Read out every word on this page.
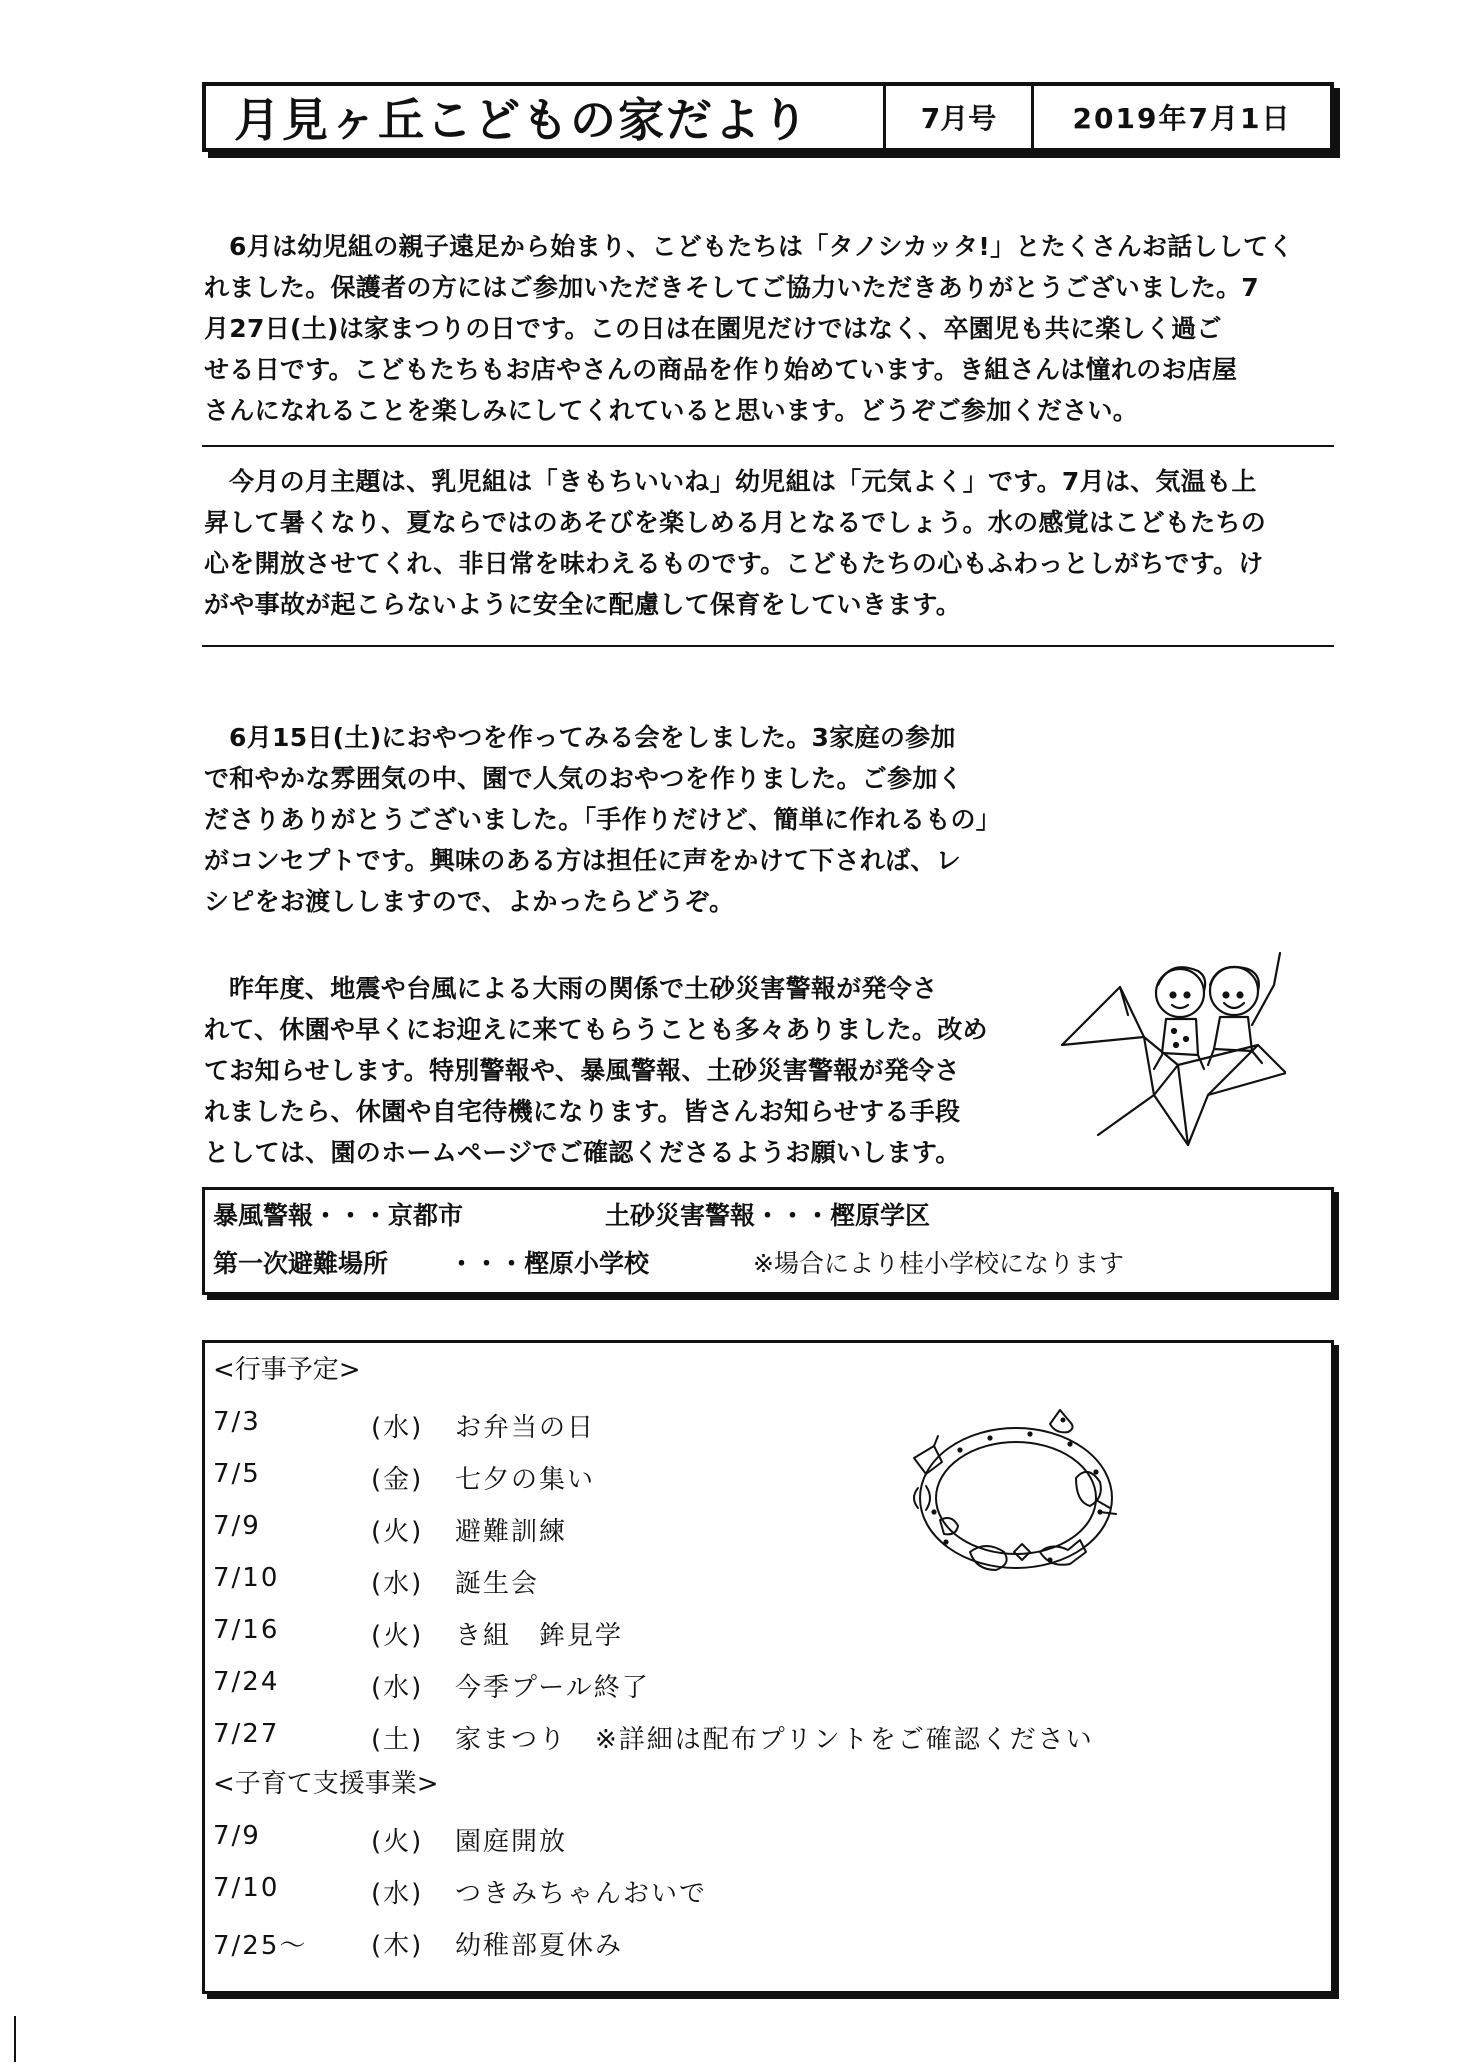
月見ヶ丘こどもの家だより	7月号	2019年7月1日
6月は幼児組の親子遠足から始まり、こどもたちは「タノシカッタ!」とたくさんお話ししてく
れました。保護者の方にはご参加いただきそしてご協力いただきありがとうございました。7
月27日(土)は家まつりの日です。この日は在園児だけではなく、卒園児も共に楽しく過ご
せる日です。こどもたちもお店やさんの商品を作り始めています。き組さんは憧れのお店屋
さんになれることを楽しみにしてくれていると思います。どうぞご参加ください。
今月の月主題は、乳児組は「きもちいいね」幼児組は「元気よく」です。7月は、気温も上
昇して暑くなり、夏ならではのあそびを楽しめる月となるでしょう。水の感覚はこどもたちの
心を開放させてくれ、非日常を味わえるものです。こどもたちの心もふわっとしがちです。け
がや事故が起こらないように安全に配慮して保育をしていきます。
6月15日(土)におやつを作ってみる会をしました。3家庭の参加
で和やかな雰囲気の中、園で人気のおやつを作りました。ご参加く
ださりありがとうございました。「手作りだけど、簡単に作れるもの」
がコンセプトです。興味のある方は担任に声をかけて下されば、レ
シピをお渡ししますので、よかったらどうぞ。
昨年度、地震や台風による大雨の関係で土砂災害警報が発令さ
れて、休園や早くにお迎えに来てもらうことも多々ありました。改め
てお知らせします。特別警報や、暴風警報、土砂災害警報が発令さ
れましたら、休園や自宅待機になります。皆さんお知らせする手段
としては、園のホームページでご確認くださるようお願いします。
暴風警報・・・京都市	土砂災害警報・・・樫原学区
第一次避難場所 ・・・樫原小学校	※場合により桂小学校になります
<行事予定>
7/3	(水) お弁当の日
7/5	(金) 七夕の集い
7/9	(火) 避難訓練
7/10	(水) 誕生会
7/16	(火) き組　鉾見学
7/24	(水) 今季プール終了
7/27	(土) 家まつり　※詳細は配布プリントをご確認ください
<子育て支援事業>
7/9	(火) 園庭開放
7/10	(水) つきみちゃんおいで
7/25～ (木) 幼稚部夏休み
